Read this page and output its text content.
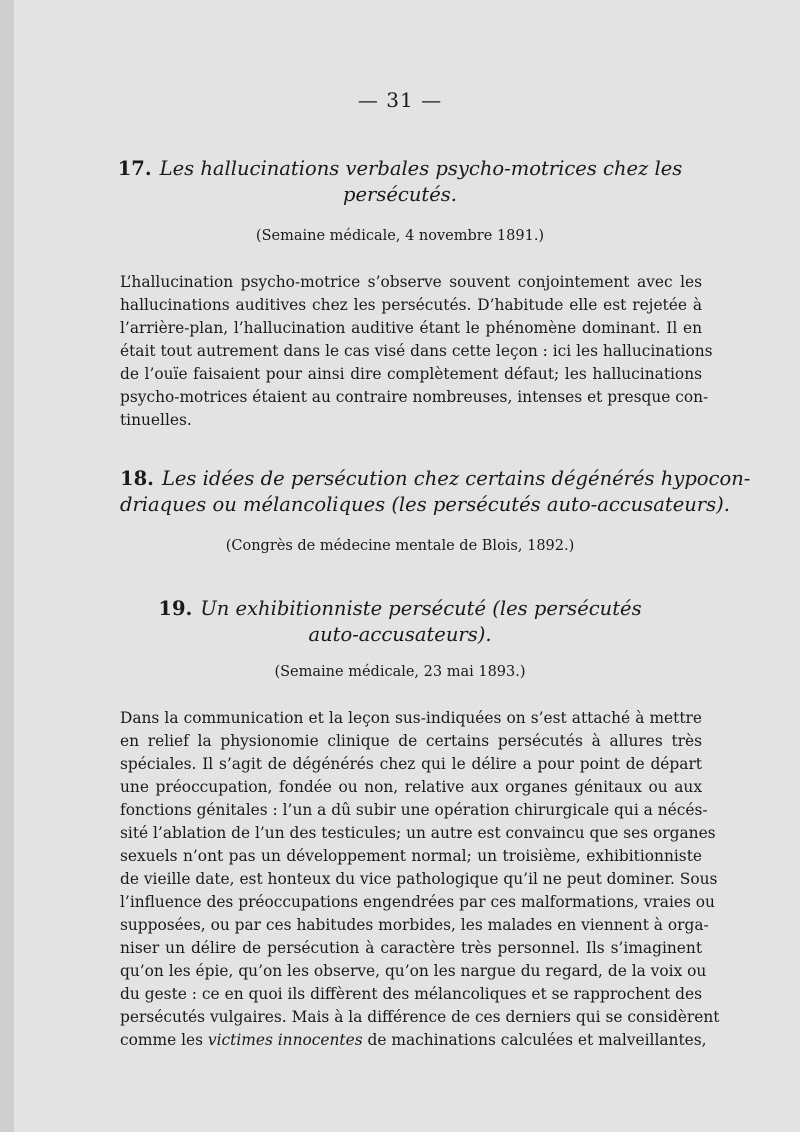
— 31 —
17. Les hallucinations verbales psycho-motrices chez les
persécutés.
(Semaine médicale, 4 novembre 1891.)
L’hallucination psycho-motrice s’observe souvent conjointement avec les
hallucinations auditives chez les persécutés. D’habitude elle est rejetée à
l’arrière-plan, l’hallucination auditive étant le phénomène dominant. Il en
était tout autrement dans le cas visé dans cette leçon : ici les hallucinations
de l’ouïe faisaient pour ainsi dire complètement défaut; les hallucinations
psycho-motrices étaient au contraire nombreuses, intenses et presque con-
tinuelles.
18. Les idées de persécution chez certains dégénérés hypocon-
driaques ou mélancoliques (les persécutés auto-accusateurs).
(Congrès de médecine mentale de Blois, 1892.)
19. Un exhibitionniste persécuté (les persécutés
auto-accusateurs).
(Semaine médicale, 23 mai 1893.)
Dans la communication et la leçon sus-indiquées on s’est attaché à mettre
en relief la physionomie clinique de certains persécutés à allures très
spéciales. Il s’agit de dégénérés chez qui le délire a pour point de départ
une préoccupation, fondée ou non, relative aux organes génitaux ou aux
fonctions génitales : l’un a dû subir une opération chirurgicale qui a nécés-
sité l’ablation de l’un des testicules; un autre est convaincu que ses organes
sexuels n’ont pas un développement normal; un troisième, exhibitionniste
de vieille date, est honteux du vice pathologique qu’il ne peut dominer. Sous
l’influence des préoccupations engendrées par ces malformations, vraies ou
supposées, ou par ces habitudes morbides, les malades en viennent à orga-
niser un délire de persécution à caractère très personnel. Ils s’imaginent
qu’on les épie, qu’on les observe, qu’on les nargue du regard, de la voix ou
du geste : ce en quoi ils diffèrent des mélancoliques et se rapprochent des
persécutés vulgaires. Mais à la différence de ces derniers qui se considèrent
comme les victimes innocentes de machinations calculées et malveillantes,
